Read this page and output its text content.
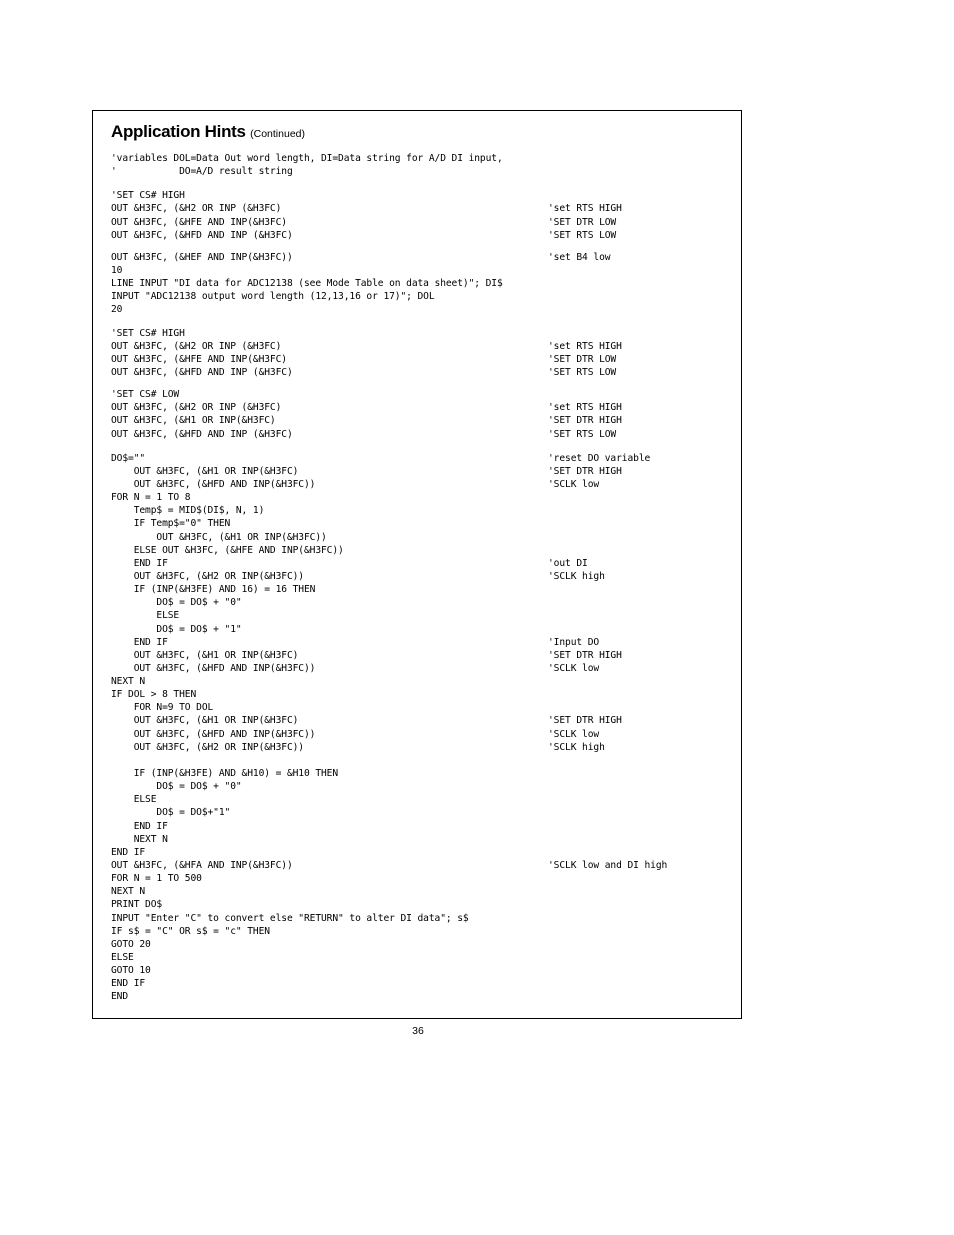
Application Hints (Continued)
'variables DOL=Data Out word length, DI=Data string for A/D DI input,
'           DO=A/D result string
'SET CS# HIGH
OUT &H3FC, (&H2 OR INP (&H3FC)	'set RTS HIGH
OUT &H3FC, (&HFE AND INP(&H3FC)	'SET DTR LOW
OUT &H3FC, (&HFD AND INP (&H3FC)	'SET RTS LOW
OUT &H3FC, (&HEF AND INP(&H3FC))	'set B4 low
10
LINE INPUT "DI data for ADC12138 (see Mode Table on data sheet)"; DI$
INPUT "ADC12138 output word length (12,13,16 or 17)"; DOL
20
'SET CS# HIGH
OUT &H3FC, (&H2 OR INP (&H3FC)	'set RTS HIGH
OUT &H3FC, (&HFE AND INP(&H3FC)	'SET DTR LOW
OUT &H3FC, (&HFD AND INP (&H3FC)	'SET RTS LOW
'SET CS# LOW
OUT &H3FC, (&H2 OR INP (&H3FC)	'set RTS HIGH
OUT &H3FC, (&H1 OR INP(&H3FC)	'SET DTR HIGH
OUT &H3FC, (&HFD AND INP (&H3FC)	'SET RTS LOW
DO$=""	'reset DO variable
OUT &H3FC, (&H1 OR INP(&H3FC)	'SET DTR HIGH
OUT &H3FC, (&HFD AND INP(&H3FC))	'SCLK low
FOR N = 1 TO 8
Temp$ = MID$(DI$, N, 1)
IF Temp$="0" THEN
OUT &H3FC, (&H1 OR INP(&H3FC))
ELSE OUT &H3FC, (&HFE AND INP(&H3FC))
END IF	'out DI
OUT &H3FC, (&H2 OR INP(&H3FC))	'SCLK high
IF (INP(&H3FE) AND 16) = 16 THEN
DO$ = DO$ + "0"
ELSE
DO$ = DO$ + "1"
END IF	'Input DO
OUT &H3FC, (&H1 OR INP(&H3FC)	'SET DTR HIGH
OUT &H3FC, (&HFD AND INP(&H3FC))	'SCLK low
NEXT N
IF DOL > 8 THEN
FOR N=9 TO DOL
OUT &H3FC, (&H1 OR INP(&H3FC)	'SET DTR HIGH
OUT &H3FC, (&HFD AND INP(&H3FC))	'SCLK low
OUT &H3FC, (&H2 OR INP(&H3FC))	'SCLK high
IF (INP(&H3FE) AND &H10) = &H10 THEN
DO$ = DO$ + "0"
ELSE
DO$ = DO$+"1"
END IF
NEXT N
END IF
OUT &H3FC, (&HFA AND INP(&H3FC))	'SCLK low and DI high
FOR N = 1 TO 500
NEXT N
PRINT DO$
INPUT "Enter "C" to convert else "RETURN" to alter DI data"; s$
IF s$ = "C" OR s$ = "c" THEN
GOTO 20
ELSE
GOTO 10
END IF
END
36
